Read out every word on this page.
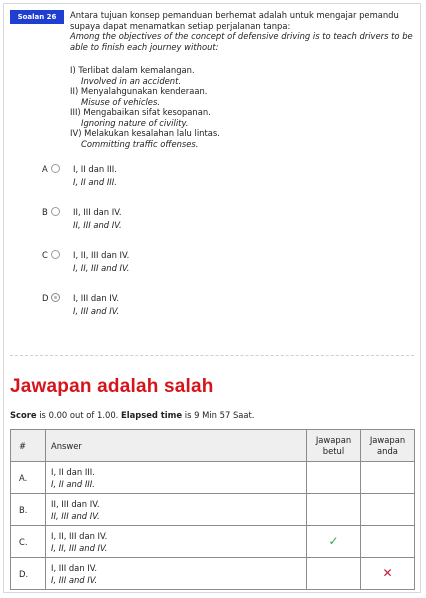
Soalan 26	Antara tujuan konsep pemanduan berhemat adalah untuk mengajar pemandu supaya dapat menamatkan setiap perjalanan tanpa:
Among the objectives of the concept of defensive driving is to teach drivers to be able to finish each journey without:
I) Terlibat dalam kemalangan.
Involved in an accident.
II) Menyalahgunakan kenderaan.
Misuse of vehicles.
III) Mengabaikan sifat kesopanan.
Ignoring nature of civility.
IV) Melakukan kesalahan lalu lintas.
Committing traffic offenses.
A	I, II dan III.
I, II and III.
B	II, III dan IV.
II, III and IV.
C	I, II, III dan IV.
I, II, III and IV.
D	I, III dan IV.
I, III and IV.
Jawapan adalah salah
Score is 0.00 out of 1.00. Elapsed time is 9 Min 57 Saat.
#	Answer	Jawapan betul	Jawapan anda
A.	I, II dan III.
I, II and III.		

B.	II, III dan IV.
II, III and IV.		

C.	I, II, III dan IV.
I, II, III and IV.	✓	
D.	I, III dan IV.
I, III and IV.		✕
